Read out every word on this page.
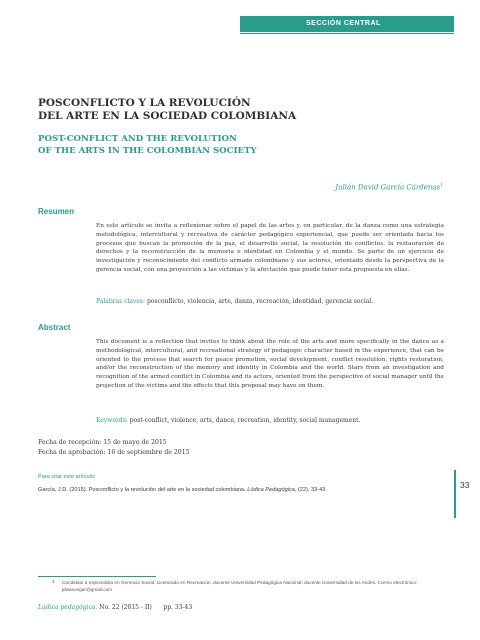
SECCIÓN CENTRAL
POSCONFLICTO Y LA REVOLUCIÓN
DEL ARTE EN LA SOCIEDAD COLOMBIANA
POST-CONFLICT AND THE REVOLUTION
OF THE ARTS IN THE COLOMBIAN SOCIETY
Julián David García Cárdenas$^1$
Resumen
En este artículo se invita a reflexionar sobre el papel de las artes y, en particular, de la danza como una estrategia metodológica, intercultural y recreativa de carácter pedagógico experiencial, que puede ser orientada hacia los procesos que buscan la promoción de la paz, el desarrollo social, la resolución de conflictos, la restauración de derechos y la reconstrucción de la memoria e identidad en Colombia y el mundo. Se parte de un ejercicio de investigación y reconocimiento del conflicto armado colombiano y sus actores, orientado desde la perspectiva de la gerencia social, con una proyección a las víctimas y la afectación que puede tener esta propuesta en ellas.
Palabras claves: posconflicto, violencia, arte, danza, recreación, identidad, gerencia social.
Abstract
This document is a reflection that invites to think about the role of the arts and more specifically in the dance as a methodological, intercultural, and recreational strategy of pedagogic character based in the experience, that can be oriented to the process that search for peace promotion, social development, conflict resolution, rights restoration, and/or the reconstruction of the memory and identity in Colombia and the world. Stars from an investigation and recognition of the armed conflict in Colombia and its actors, oriented from the perspective of social manager until the projection of the victims and the effects that this proposal may have on them.
Keywords: post-conflict, violence, arts, dance, recreation, identity, social management.
Fecha de recepción: 15 de mayo de 2015
Fecha de aprobación: 16 de septiembre de 2015
Para citar este artículo:
García, J.D. (2015). Posconflicto y la revolución del arte en la sociedad colombiana. Lúdica Pedagógica, (22), 33-43.	33
1 Candidato a especialista en Gerencia Social. Licenciado en Recreación, docente Universidad Pedagógica Nacional; docente Universidad de los Andes. Correo electrónico: jdwasongar@gmail.com
Lúdica pedagógica. No. 22 (2015 - II) pp. 33-43
